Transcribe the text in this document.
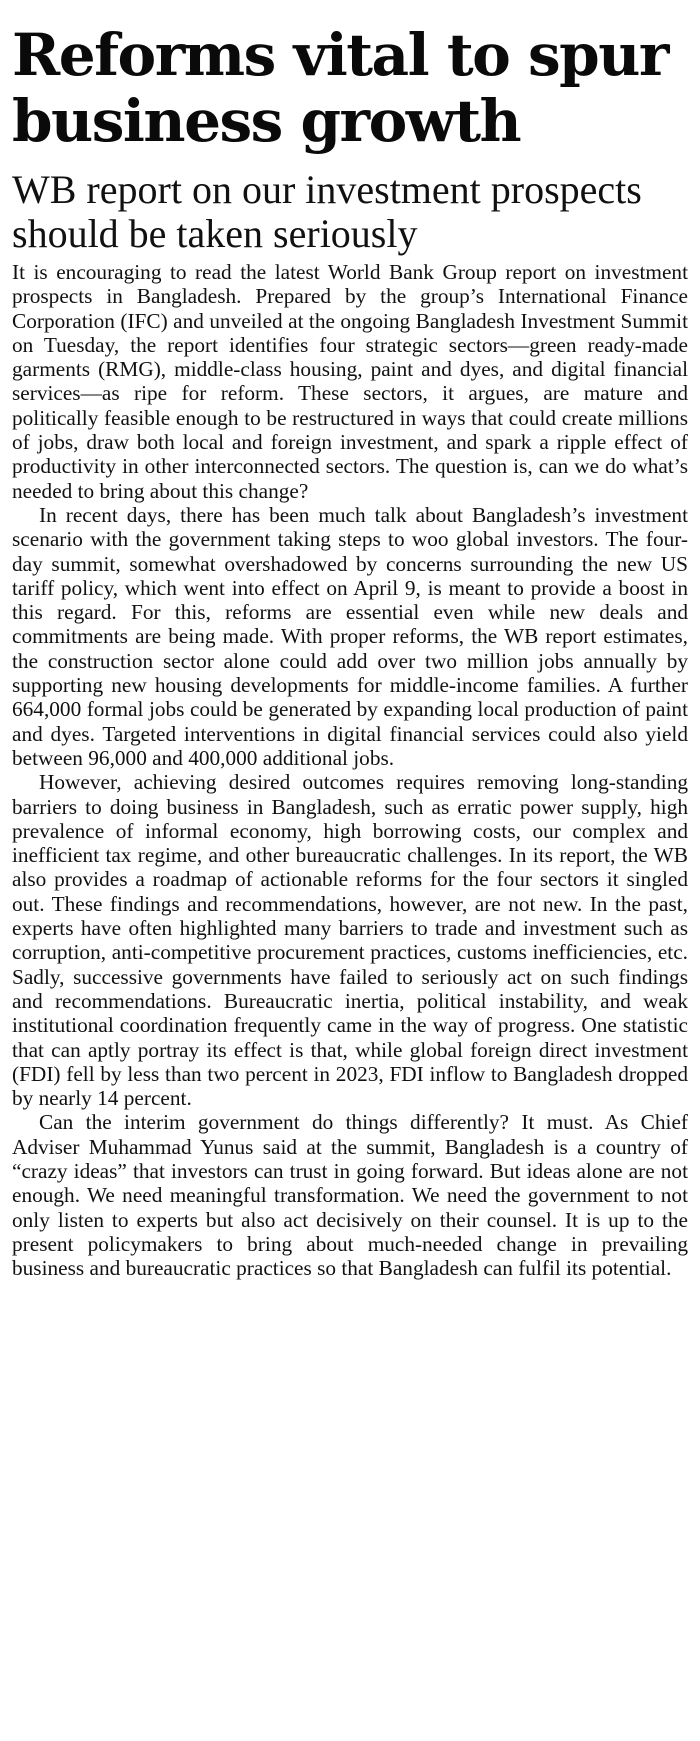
Reforms vital to spur business growth
WB report on our investment prospects should be taken seriously

It is encouraging to read the latest World Bank Group report on investment prospects in Bangladesh. Prepared by the group’s International Finance Corporation (IFC) and unveiled at the ongoing Bangladesh Investment Summit on Tuesday, the report identifies four strategic sectors—green ready-made garments (RMG), middle-class housing, paint and dyes, and digital financial services—as ripe for reform. These sectors, it argues, are mature and politically feasible enough to be restructured in ways that could create millions of jobs, draw both local and foreign investment, and spark a ripple effect of productivity in other interconnected sectors. The question is, can we do what’s needed to bring about this change?

In recent days, there has been much talk about Bangladesh’s investment scenario with the government taking steps to woo global investors. The four-day summit, somewhat overshadowed by concerns surrounding the new US tariff policy, which went into effect on April 9, is meant to provide a boost in this regard. For this, reforms are essential even while new deals and commitments are being made. With proper reforms, the WB report estimates, the construction sector alone could add over two million jobs annually by supporting new housing developments for middle-income families. A further 664,000 formal jobs could be generated by expanding local production of paint and dyes. Targeted interventions in digital financial services could also yield between 96,000 and 400,000 additional jobs.

However, achieving desired outcomes requires removing long-standing barriers to doing business in Bangladesh, such as erratic power supply, high prevalence of informal economy, high borrowing costs, our complex and inefficient tax regime, and other bureaucratic challenges. In its report, the WB also provides a roadmap of actionable reforms for the four sectors it singled out. These findings and recommendations, however, are not new. In the past, experts have often highlighted many barriers to trade and investment such as corruption, anti-competitive procurement practices, customs inefficiencies, etc. Sadly, successive governments have failed to seriously act on such findings and recommendations. Bureaucratic inertia, political instability, and weak institutional coordination frequently came in the way of progress. One statistic that can aptly portray its effect is that, while global foreign direct investment (FDI) fell by less than two percent in 2023, FDI inflow to Bangladesh dropped by nearly 14 percent.

Can the interim government do things differently? It must. As Chief Adviser Muhammad Yunus said at the summit, Bangladesh is a country of “crazy ideas” that investors can trust in going forward. But ideas alone are not enough. We need meaningful transformation. We need the government to not only listen to experts but also act decisively on their counsel. It is up to the present policymakers to bring about much-needed change in prevailing business and bureaucratic practices so that Bangladesh can fulfil its potential.
